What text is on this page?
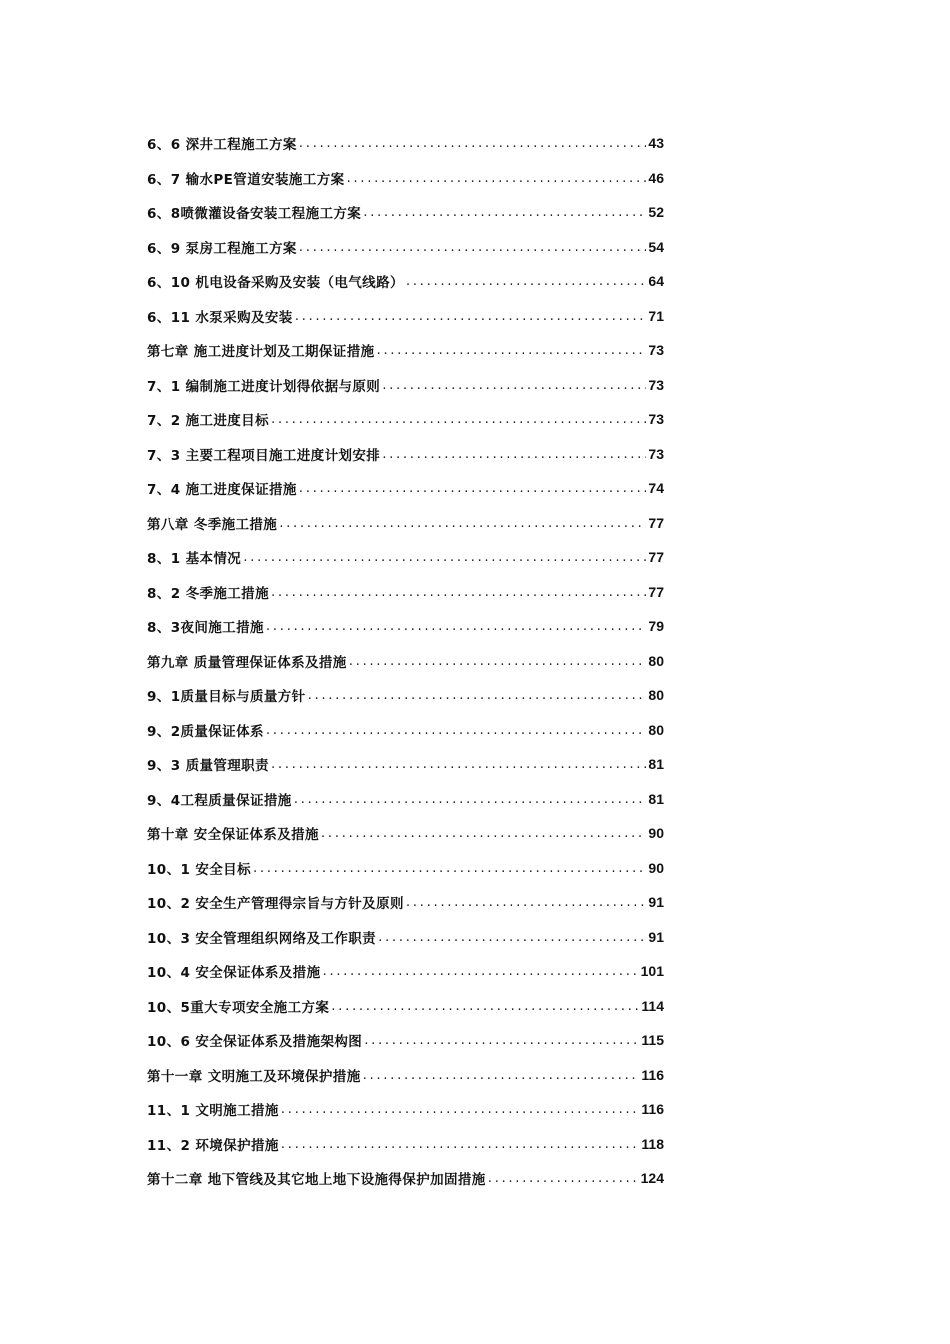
6、6 深井工程施工方案 .....	43
6、7 输水PE管道安装施工方案 .....	46
6、8喷微灌设备安装工程施工方案 .....	52
6、9 泵房工程施工方案 .....	54
6、10 机电设备采购及安装（电气线路） .....	64
6、11 水泵采购及安装 .....	71
第七章 施工进度计划及工期保证措施 .....	73
7、1 编制施工进度计划得依据与原则 .....	73
7、2 施工进度目标 .....	73
7、3 主要工程项目施工进度计划安排 .....	73
7、4 施工进度保证措施 .....	74
第八章 冬季施工措施 .....	77
8、1 基本情况 .....	77
8、2 冬季施工措施 .....	77
8、3夜间施工措施 .....	79
第九章 质量管理保证体系及措施 .....	80
9、1质量目标与质量方针 .....	80
9、2质量保证体系 .....	80
9、3 质量管理职责 .....	81
9、4工程质量保证措施 .....	81
第十章 安全保证体系及措施 .....	90
10、1 安全目标 .....	90
10、2 安全生产管理得宗旨与方针及原则 .....	91
10、3 安全管理组织网络及工作职责 .....	91
10、4 安全保证体系及措施 .....	101
10、5重大专项安全施工方案 .....	114
10、6 安全保证体系及措施架构图 .....	115
第十一章 文明施工及环境保护措施 .....	116
11、1 文明施工措施 .....	116
11、2 环境保护措施 .....	118
第十二章 地下管线及其它地上地下设施得保护加固措施 .....	124
